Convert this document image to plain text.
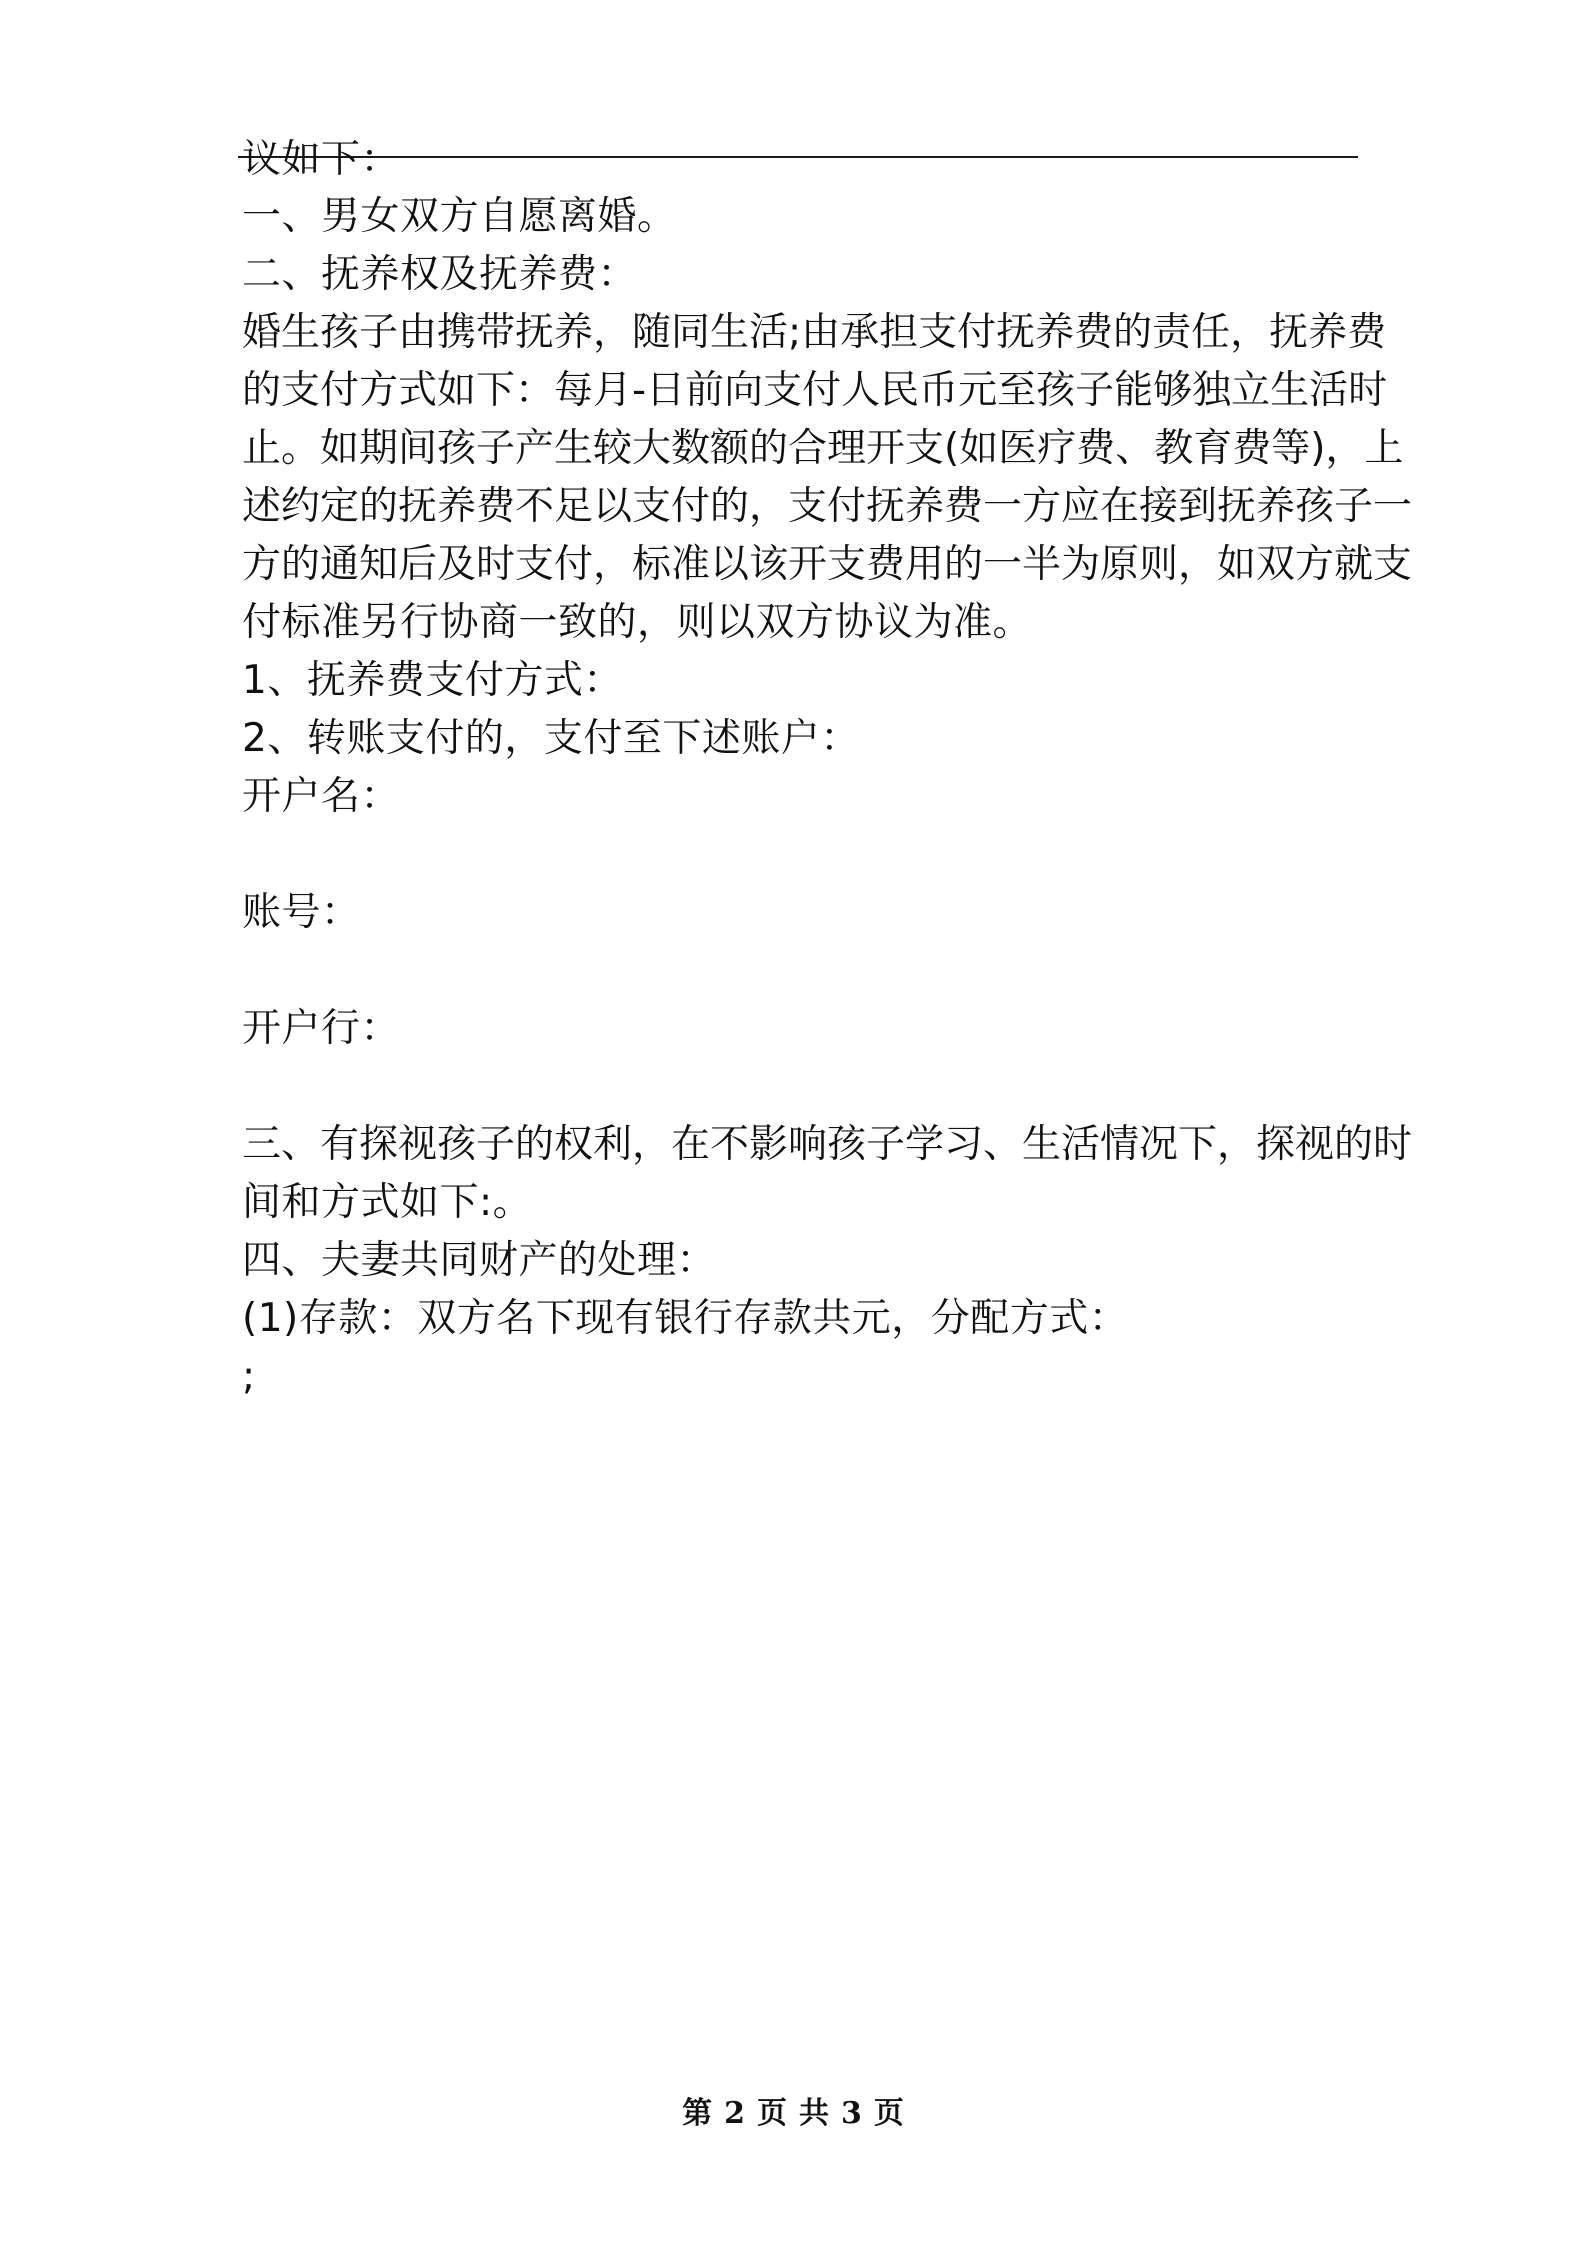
议如下：
一、男女双方自愿离婚。
二、抚养权及抚养费：
婚生孩子由携带抚养，随同生活;由承担支付抚养费的责任，抚养费
的支付方式如下：每月-日前向支付人民币元至孩子能够独立生活时
止。如期间孩子产生较大数额的合理开支(如医疗费、教育费等)，上
述约定的抚养费不足以支付的，支付抚养费一方应在接到抚养孩子一
方的通知后及时支付，标准以该开支费用的一半为原则，如双方就支
付标准另行协商一致的，则以双方协议为准。
1、抚养费支付方式：
2、转账支付的，支付至下述账户：
开户名：
账号：
开户行：
三、有探视孩子的权利，在不影响孩子学习、生活情况下，探视的时
间和方式如下:。
四、夫妻共同财产的处理：
(1)存款：双方名下现有银行存款共元，分配方式：
;
第 2 页 共 3 页
